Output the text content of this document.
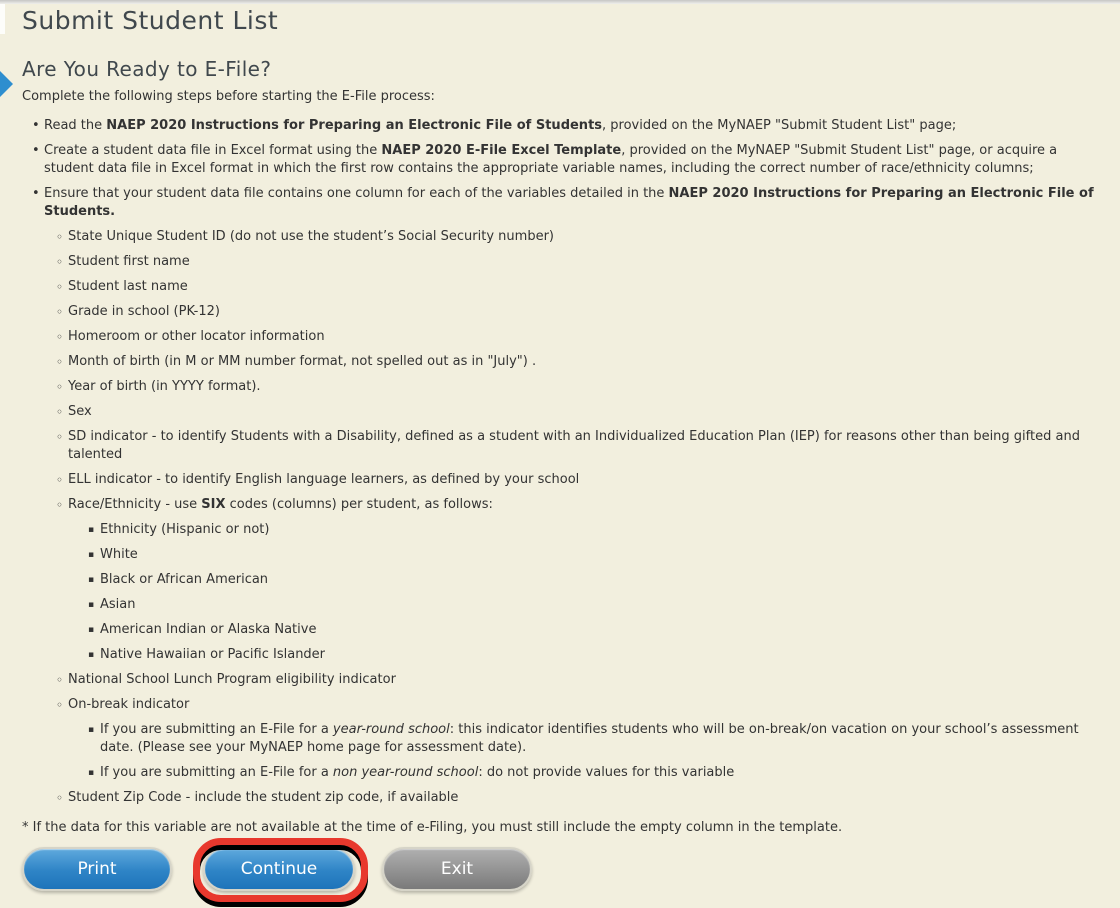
Submit Student List
Are You Ready to E-File?

Complete the following steps before starting the E-File process:

• Read the NAEP 2020 Instructions for Preparing an Electronic File of Students, provided on the MyNAEP "Submit Student List" page;
• Create a student data file in Excel format using the NAEP 2020 E-File Excel Template, provided on the MyNAEP "Submit Student List" page, or acquire a student data file in Excel format in which the first row contains the appropriate variable names, including the correct number of race/ethnicity columns;
• Ensure that your student data file contains one column for each of the variables detailed in the NAEP 2020 Instructions for Preparing an Electronic File of Students.
◦ State Unique Student ID (do not use the student’s Social Security number)
◦ Student first name
◦ Student last name
◦ Grade in school (PK-12)
◦ Homeroom or other locator information
◦ Month of birth (in M or MM number format, not spelled out as in "July") .
◦ Year of birth (in YYYY format).
◦ Sex
◦ SD indicator - to identify Students with a Disability, defined as a student with an Individualized Education Plan (IEP) for reasons other than being gifted and talented
◦ ELL indicator - to identify English language learners, as defined by your school
◦ Race/Ethnicity - use SIX codes (columns) per student, as follows:
▪ Ethnicity (Hispanic or not)
▪ White
▪ Black or African American
▪ Asian
▪ American Indian or Alaska Native
▪ Native Hawaiian or Pacific Islander
◦ National School Lunch Program eligibility indicator
◦ On-break indicator
▪ If you are submitting an E-File for a year-round school: this indicator identifies students who will be on-break/on vacation on your school’s assessment date. (Please see your MyNAEP home page for assessment date).
▪ If you are submitting an E-File for a non year-round school: do not provide values for this variable
◦ Student Zip Code - include the student zip code, if available

* If the data for this variable are not available at the time of e-Filing, you must still include the empty column in the template.

Print	Continue	Exit
